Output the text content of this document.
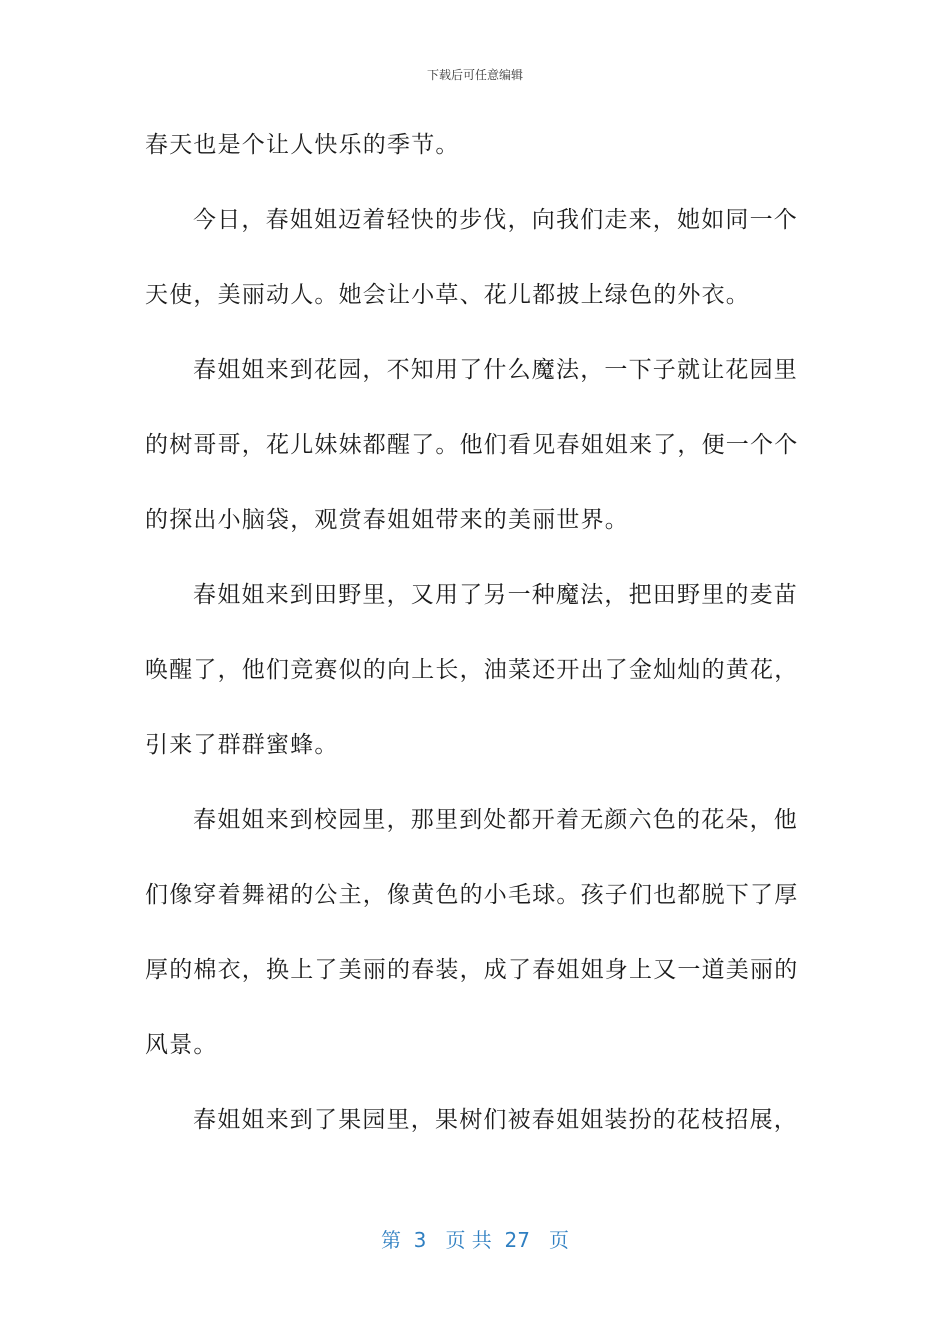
下载后可任意编辑
春天也是个让人快乐的季节。
今日，春姐姐迈着轻快的步伐，向我们走来，她如同一个
天使，美丽动人。她会让小草、花儿都披上绿色的外衣。
春姐姐来到花园，不知用了什么魔法，一下子就让花园里
的树哥哥，花儿妹妹都醒了。他们看见春姐姐来了，便一个个
的探出小脑袋，观赏春姐姐带来的美丽世界。
春姐姐来到田野里，又用了另一种魔法，把田野里的麦苗
唤醒了，他们竞赛似的向上长，油菜还开出了金灿灿的黄花，
引来了群群蜜蜂。
春姐姐来到校园里，那里到处都开着无颜六色的花朵，他
们像穿着舞裙的公主，像黄色的小毛球。孩子们也都脱下了厚
厚的棉衣，换上了美丽的春装，成了春姐姐身上又一道美丽的
风景。
春姐姐来到了果园里，果树们被春姐姐装扮的花枝招展，
第  3   页 共  27   页
